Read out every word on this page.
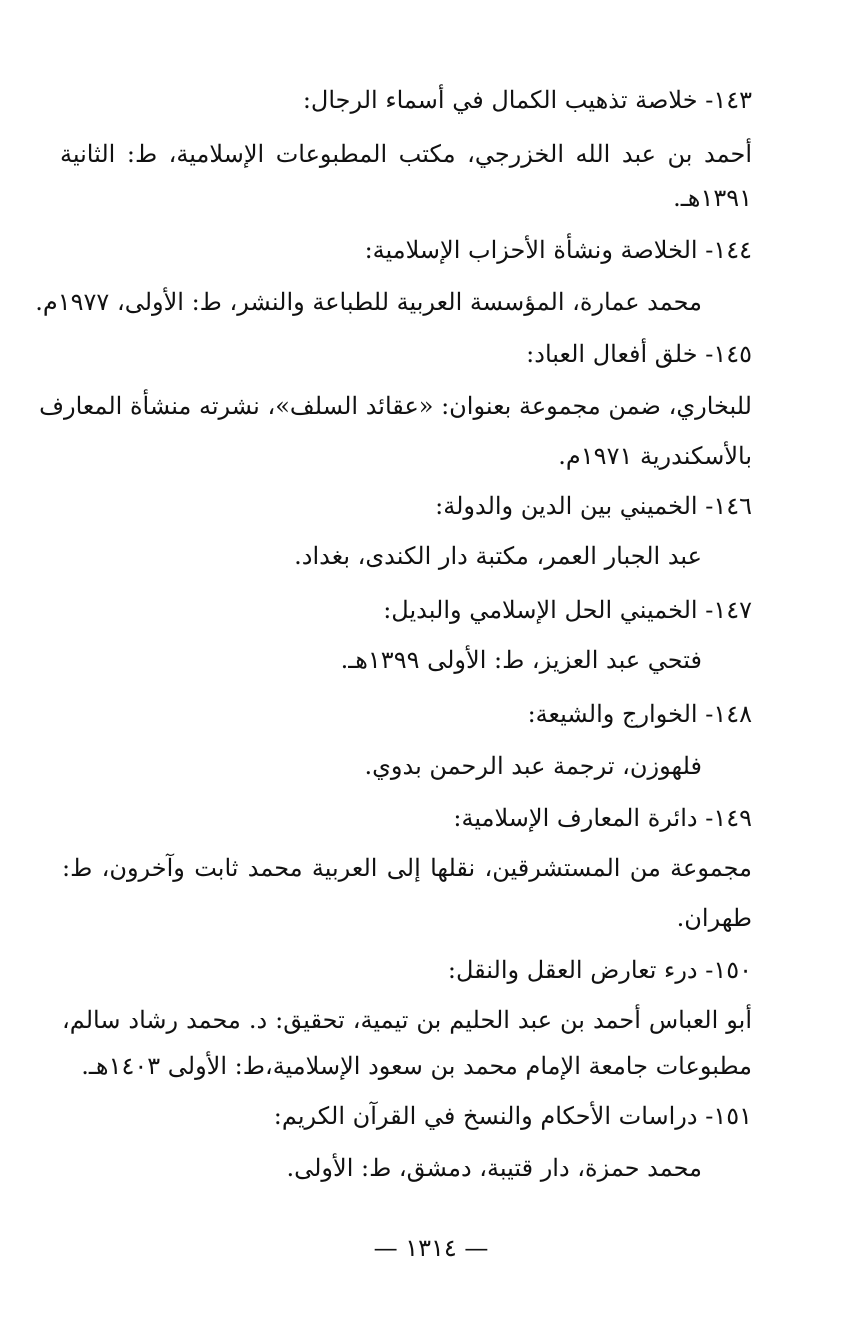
١٤٣- خلاصة تذهيب الكمال في أسماء الرجال:
أحمد بن عبد الله الخزرجي، مكتب المطبوعات الإسلامية، ط: الثانية
١٣٩١هـ.
١٤٤- الخلاصة ونشأة الأحزاب الإسلامية:
محمد عمارة، المؤسسة العربية للطباعة والنشر، ط: الأولى، ١٩٧٧م.
١٤٥- خلق أفعال العباد:
للبخاري، ضمن مجموعة بعنوان: «عقائد السلف»، نشرته منشأة المعارف
بالأسكندرية ١٩٧١م.
١٤٦- الخميني بين الدين والدولة:
عبد الجبار العمر، مكتبة دار الكندى، بغداد.
١٤٧- الخميني الحل الإسلامي والبديل:
فتحي عبد العزيز، ط: الأولى ١٣٩٩هـ.
١٤٨- الخوارج والشيعة:
فلهوزن، ترجمة عبد الرحمن بدوي.
١٤٩- دائرة المعارف الإسلامية:
مجموعة من المستشرقين، نقلها إلى العربية محمد ثابت وآخرون، ط:
طهران.
١٥٠- درء تعارض العقل والنقل:
أبو العباس أحمد بن عبد الحليم بن تيمية، تحقيق: د. محمد رشاد سالم،
مطبوعات جامعة الإمام محمد بن سعود الإسلامية،ط: الأولى ١٤٠٣هـ.
١٥١- دراسات الأحكام والنسخ في القرآن الكريم:
محمد حمزة، دار قتيبة، دمشق، ط: الأولى.
— ١٣١٤ —
